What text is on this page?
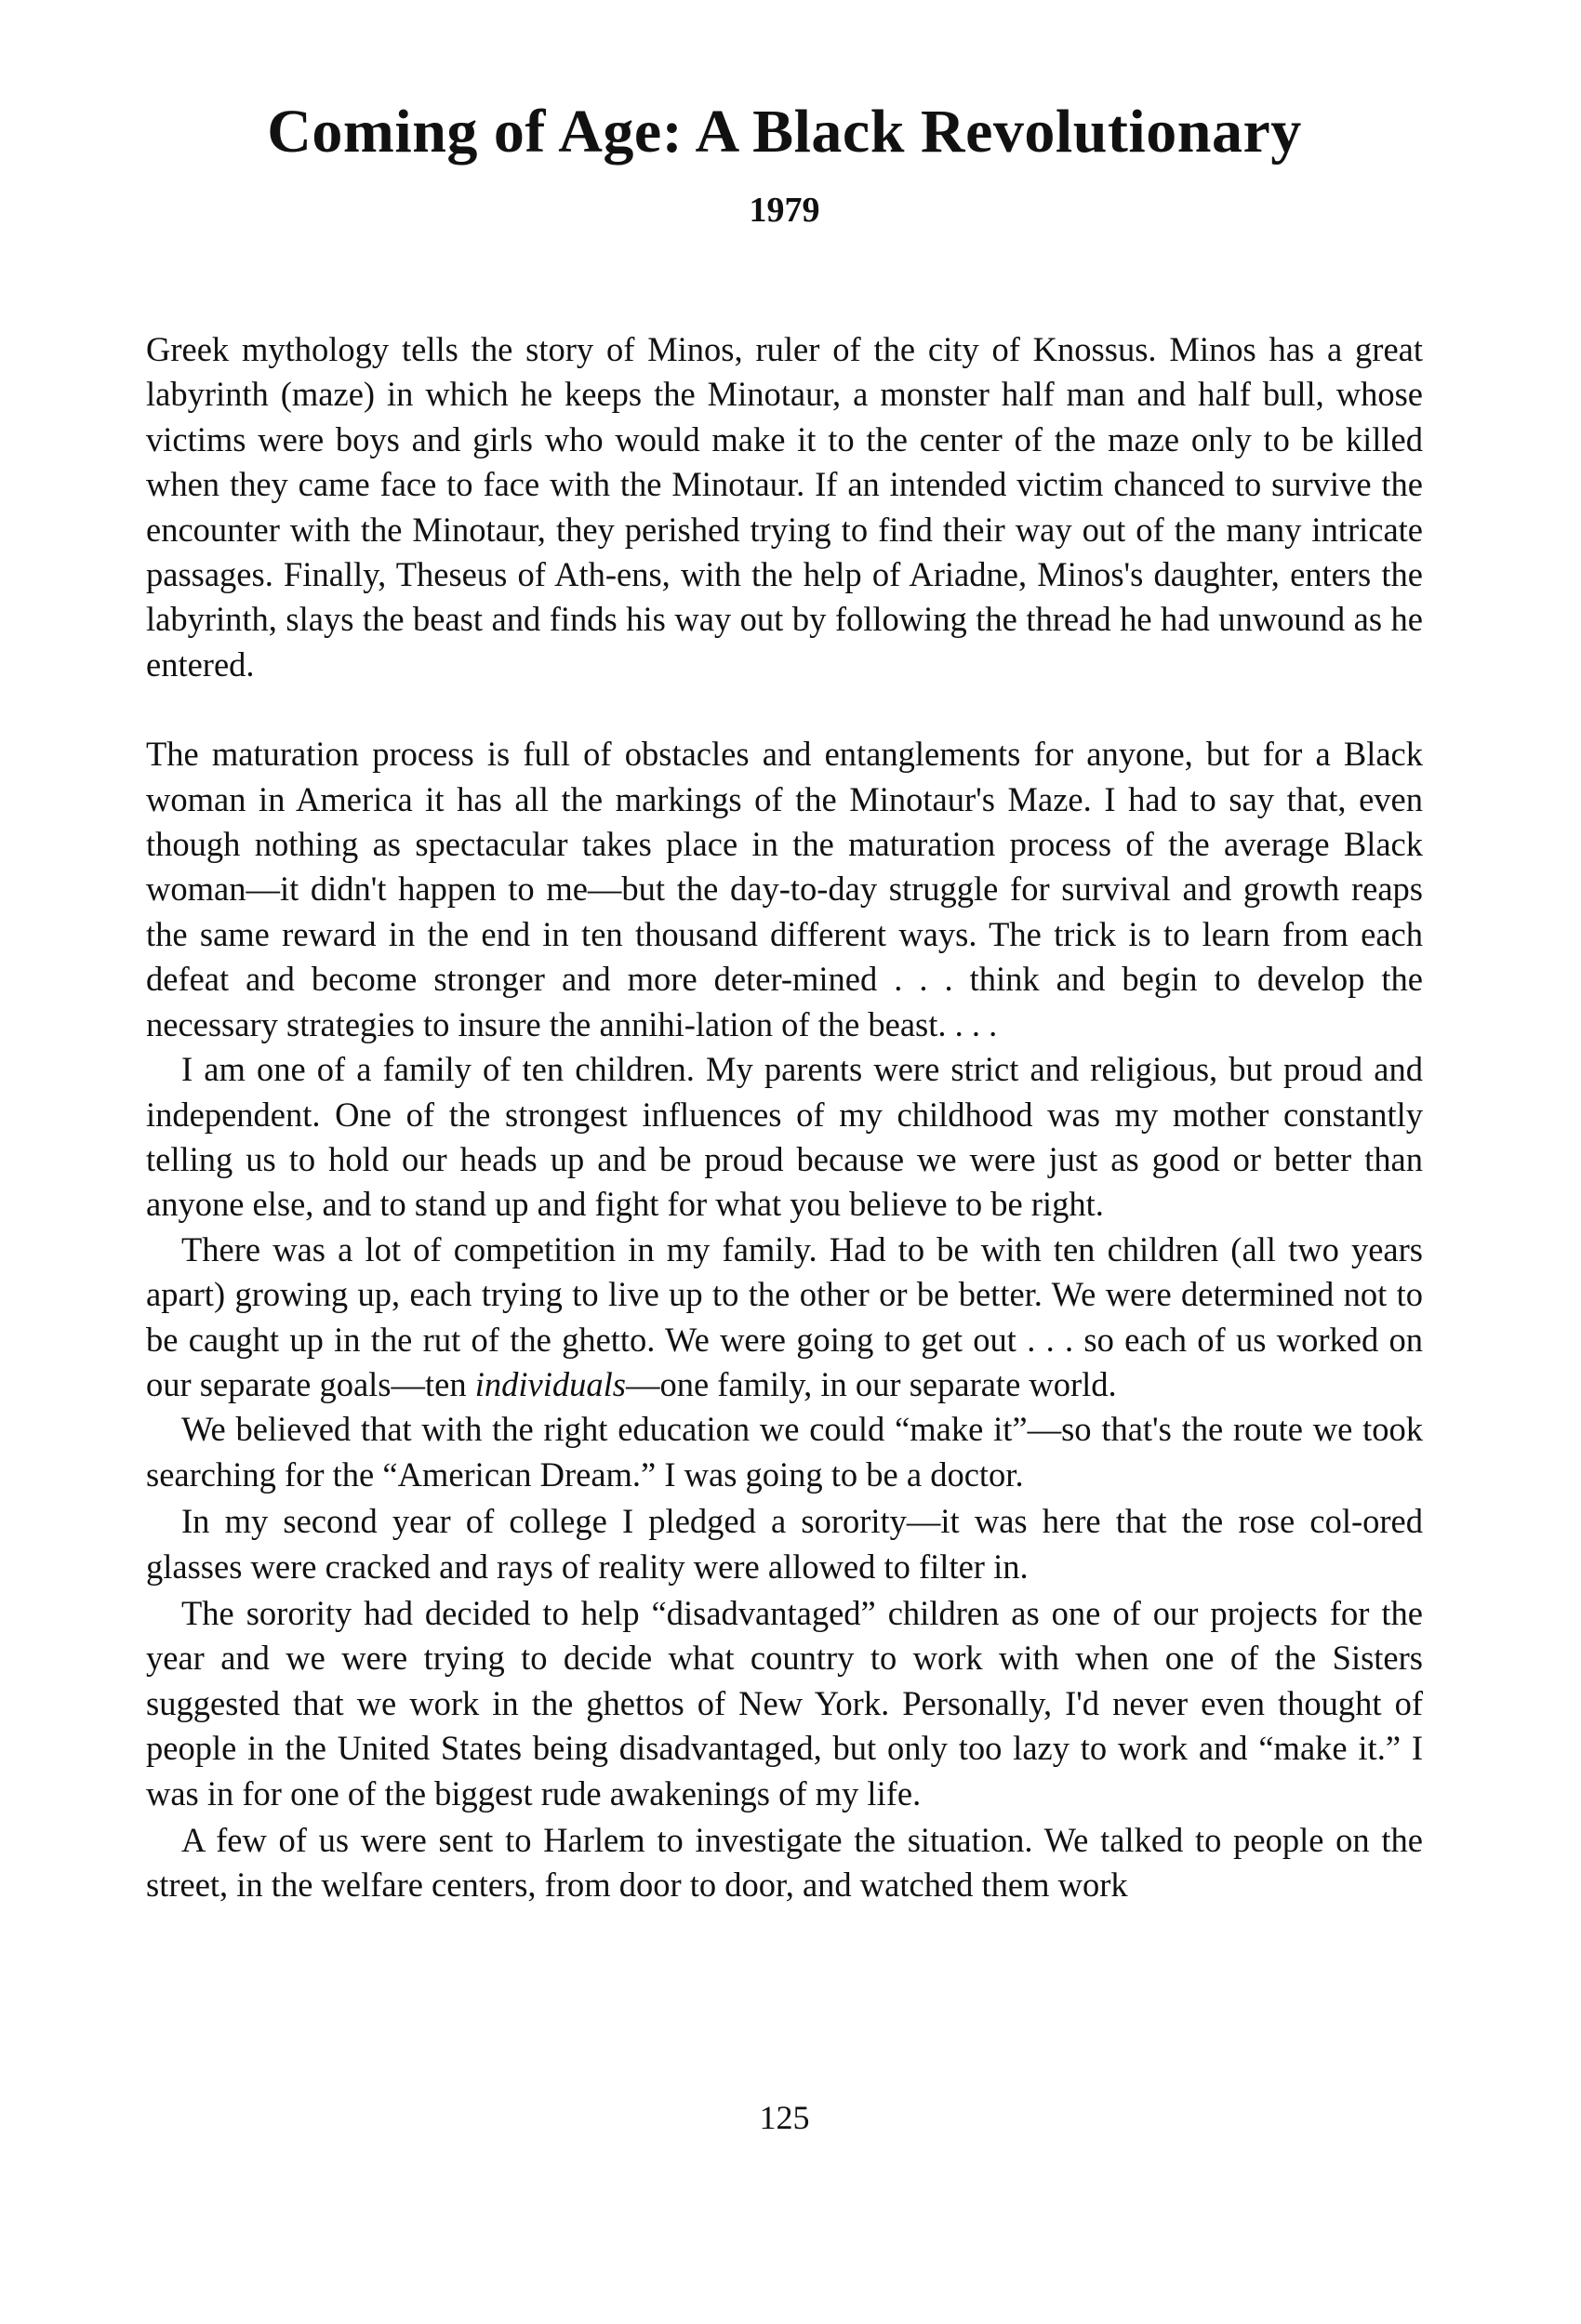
Coming of Age: A Black Revolutionary
1979

Greek mythology tells the story of Minos, ruler of the city of Knossus. Minos has a great labyrinth (maze) in which he keeps the Minotaur, a monster half man and half bull, whose victims were boys and girls who would make it to the center of the maze only to be killed when they came face to face with the Minotaur. If an intended victim chanced to survive the encounter with the Minotaur, they perished trying to find their way out of the many intricate passages. Finally, Theseus of Ath-ens, with the help of Ariadne, Minos's daughter, enters the labyrinth, slays the beast and finds his way out by following the thread he had unwound as he entered.

The maturation process is full of obstacles and entanglements for anyone, but for a Black woman in America it has all the markings of the Minotaur's Maze. I had to say that, even though nothing as spectacular takes place in the maturation process of the average Black woman—it didn't happen to me—but the day-to-day struggle for survival and growth reaps the same reward in the end in ten thousand different ways. The trick is to learn from each defeat and become stronger and more deter-mined . . . think and begin to develop the necessary strategies to insure the annihi-lation of the beast. . . .

I am one of a family of ten children. My parents were strict and religious, but proud and independent. One of the strongest influences of my childhood was my mother constantly telling us to hold our heads up and be proud because we were just as good or better than anyone else, and to stand up and fight for what you believe to be right.

There was a lot of competition in my family. Had to be with ten children (all two years apart) growing up, each trying to live up to the other or be better. We were determined not to be caught up in the rut of the ghetto. We were going to get out . . . so each of us worked on our separate goals—ten individuals—one family, in our separate world.

We believed that with the right education we could “make it”—so that's the route we took searching for the “American Dream.” I was going to be a doctor.

In my second year of college I pledged a sorority—it was here that the rose col-ored glasses were cracked and rays of reality were allowed to filter in.

The sorority had decided to help “disadvantaged” children as one of our projects for the year and we were trying to decide what country to work with when one of the Sisters suggested that we work in the ghettos of New York. Personally, I'd never even thought of people in the United States being disadvantaged, but only too lazy to work and “make it.” I was in for one of the biggest rude awakenings of my life.

A few of us were sent to Harlem to investigate the situation. We talked to people on the street, in the welfare centers, from door to door, and watched them work

125
